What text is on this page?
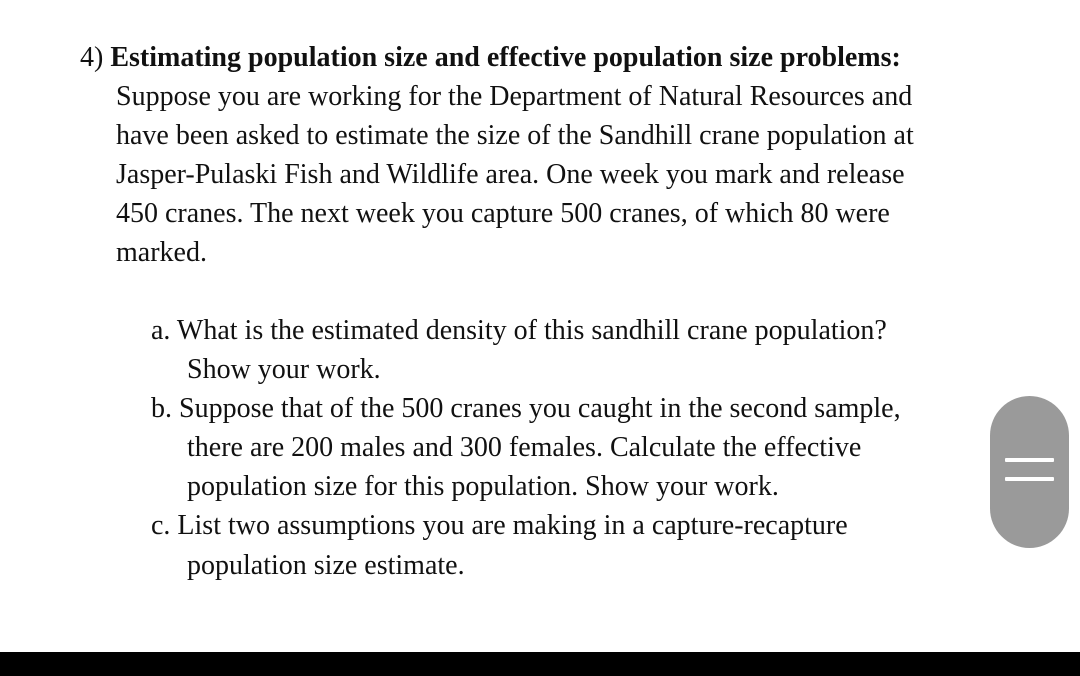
4) Estimating population size and effective population size problems:
Suppose you are working for the Department of Natural Resources and
have been asked to estimate the size of the Sandhill crane population at
Jasper-Pulaski Fish and Wildlife area. One week you mark and release
450 cranes. The next week you capture 500 cranes, of which 80 were
marked.
a. What is the estimated density of this sandhill crane population?
Show your work.
b. Suppose that of the 500 cranes you caught in the second sample,
there are 200 males and 300 females. Calculate the effective
population size for this population. Show your work.
c. List two assumptions you are making in a capture-recapture
population size estimate.
